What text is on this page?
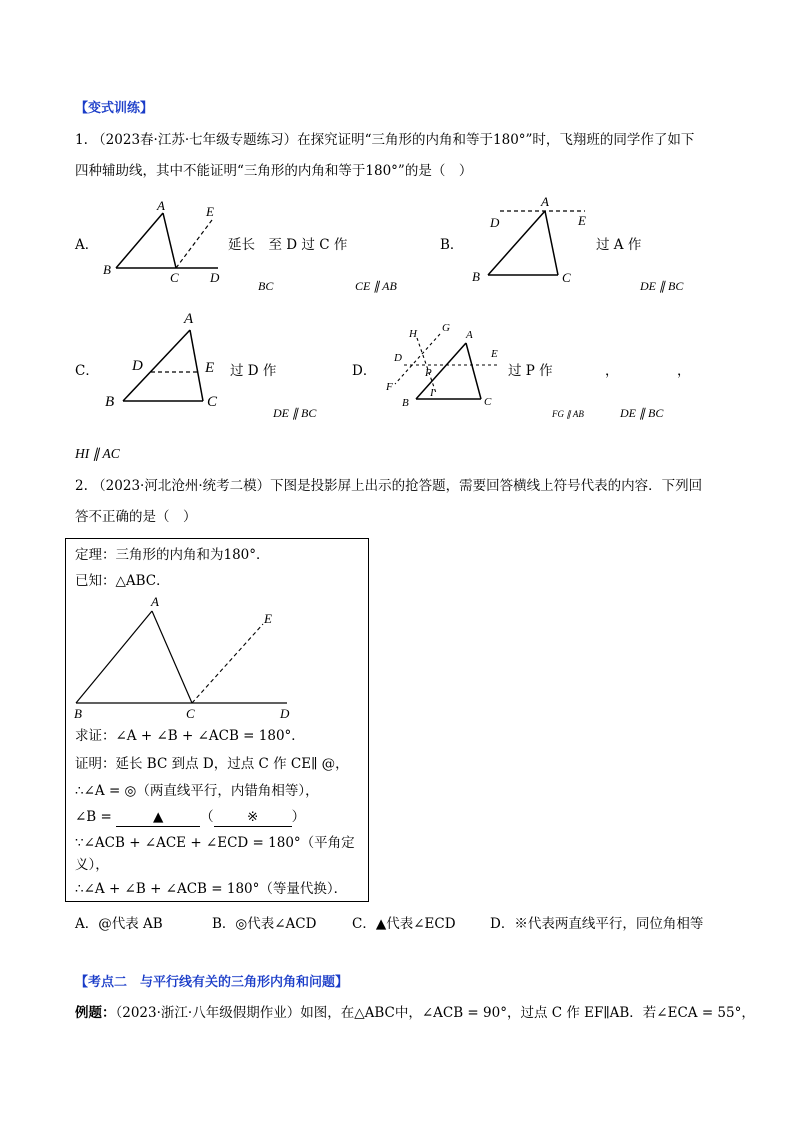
【变式训练】
1. （2023春·江苏·七年级专题练习）在探究证明“三角形的内角和等于180°”时，飞翔班的同学作了如下
四种辅助线，其中不能证明“三角形的内角和等于180°”的是（　）
A．
A	E
B
C D
延长　至 D 过 C 作
BC	CE ∥ AB
B．
A
D	E
B	C
过 A 作
DE ∥ BC
C．
A
D	E
B	C
过 D 作
DE ∥ BC
D．
H G
A
D	E
P
F	I
B	C
过 P 作	，	，
FG ∥ AB	DE ∥ BC
HI ∥ AC
2. （2023·河北沧州·统考二模）下图是投影屏上出示的抢答题，需要回答横线上符号代表的内容．下列回
答不正确的是（　）
定理：三角形的内角和为180°．
已知：△ABC．
A
E
B	C	D
求证：∠A + ∠B + ∠ACB = 180°．
证明：延长 BC 到点 D，过点 C 作 CE∥ @，
∴∠A = ◎（两直线平行，内错角相等），
∠B =	▲	（ ※ ）
∵∠ACB + ∠ACE + ∠ECD = 180°（平角定
义），
∴∠A + ∠B + ∠ACB = 180°（等量代换）．
A．@代表 AB	B．◎代表∠ACD	C．▲代表∠ECD	D．※代表两直线平行，同位角相等
【考点二　与平行线有关的三角形内角和问题】
例题：（2023·浙江·八年级假期作业）如图，在△ABC中，∠ACB = 90°，过点 C 作 EF∥AB．若∠ECA = 55°，
